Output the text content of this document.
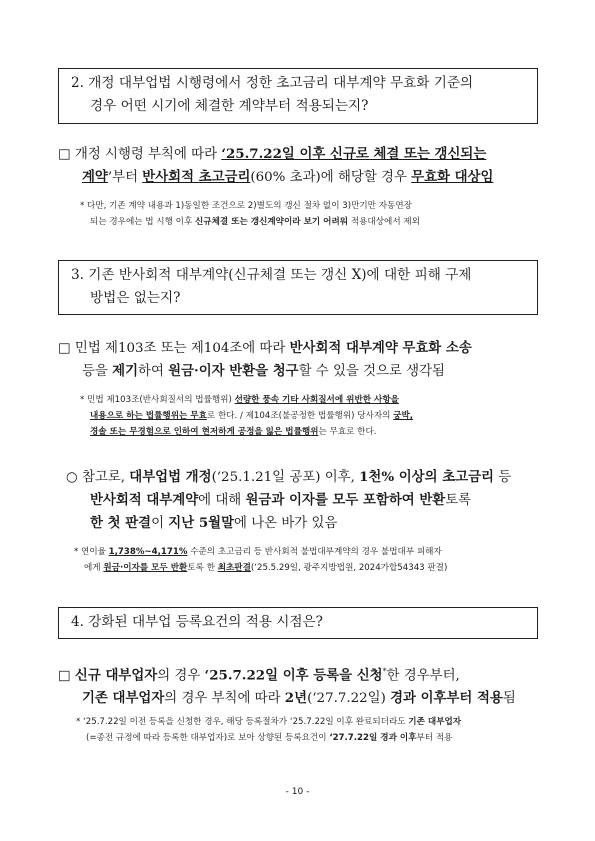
2. 개정 대부업법 시행령에서 정한 초고금리 대부계약 무효화 기준의
경우 어떤 시기에 체결한 계약부터 적용되는지?
□ 개정 시행령 부칙에 따라 ‘25.7.22일 이후 신규로 체결 또는 갱신되는
계약’부터 반사회적 초고금리(60% 초과)에 해당할 경우 무효화 대상임
* 다만, 기존 계약 내용과 1)동일한 조건으로 2)별도의 갱신 절차 없이 3)만기만 자동연장
되는 경우에는 법 시행 이후 신규체결 또는 갱신계약이라 보기 어려워 적용대상에서 제외
3. 기존 반사회적 대부계약(신규체결 또는 갱신 X)에 대한 피해 구제
방법은 없는지?
□ 민법 제103조 또는 제104조에 따라 반사회적 대부계약 무효화 소송
등을 제기하여 원금·이자 반환을 청구할 수 있을 것으로 생각됨
* 민법 제103조(반사회질서의 법률행위) 선량한 풍속 기타 사회질서에 위반한 사항을
내용으로 하는 법률행위는 무효로 한다. / 제104조(불공정한 법률행위) 당사자의 궁박,
경솔 또는 무경험으로 인하여 현저하게 공정을 잃은 법률행위는 무효로 한다.
○ 참고로, 대부업법 개정(‘25.1.21일 공포) 이후, 1천% 이상의 초고금리 등
반사회적 대부계약에 대해 원금과 이자를 모두 포함하여 반환토록
한 첫 판결이 지난 5월말에 나온 바가 있음
* 연이율 1,738%~4,171% 수준의 초고금리 등 반사회적 불법대부계약의 경우 불법대부 피해자
에게 원금·이자를 모두 반환토록 한 최초판결(‘25.5.29일, 광주지방법원, 2024가합54343 판결)
4. 강화된 대부업 등록요건의 적용 시점은?
□ 신규 대부업자의 경우 ‘25.7.22일 이후 등록을 신청*한 경우부터,
기존 대부업자의 경우 부칙에 따라 2년(‘27.7.22일) 경과 이후부터 적용됨
* ‘25.7.22일 이전 등록을 신청한 경우, 해당 등록절차가 ‘25.7.22일 이후 완료되더라도 기존 대부업자
(=종전 규정에 따라 등록한 대부업자)로 보아 상향된 등록요건이 ‘27.7.22일 경과 이후부터 적용
- 10 -
